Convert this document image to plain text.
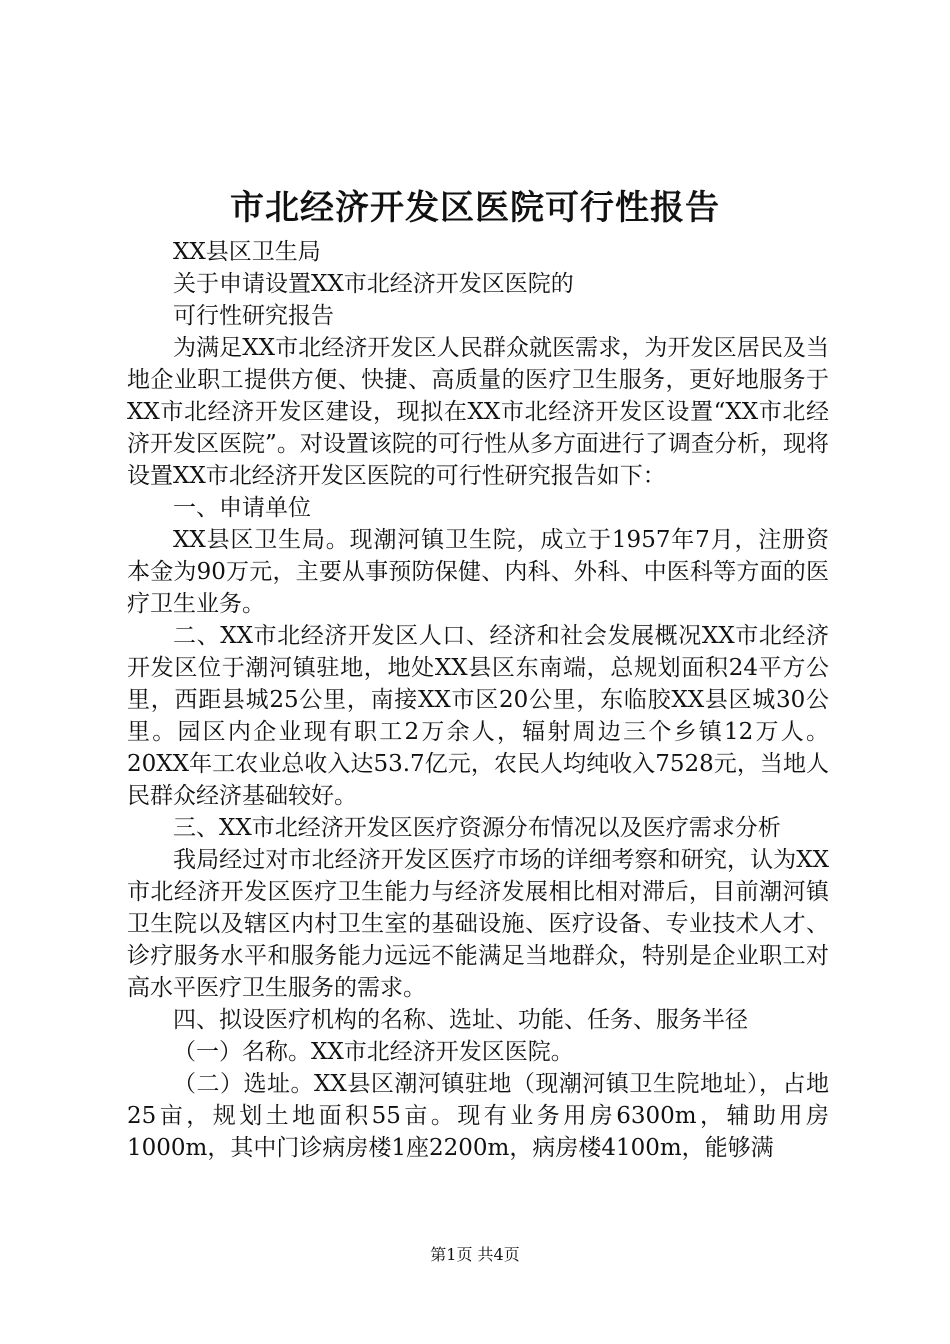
市北经济开发区医院可行性报告

XX县区卫生局

关于申请设置XX市北经济开发区医院的

可行性研究报告

为满足XX市北经济开发区人民群众就医需求，为开发区居民及当地企业职工提供方便、快捷、高质量的医疗卫生服务，更好地服务于XX市北经济开发区建设，现拟在XX市北经济开发区设置“XX市北经济开发区医院”。对设置该院的可行性从多方面进行了调查分析，现将设置XX市北经济开发区医院的可行性研究报告如下：

一、申请单位

XX县区卫生局。现潮河镇卫生院，成立于1957年7月，注册资本金为90万元，主要从事预防保健、内科、外科、中医科等方面的医疗卫生业务。

二、XX市北经济开发区人口、经济和社会发展概况XX市北经济开发区位于潮河镇驻地，地处XX县区东南端，总规划面积24平方公里，西距县城25公里，南接XX市区20公里，东临胶XX县区城30公里。园区内企业现有职工2万余人，辐射周边三个乡镇12万人。20XX年工农业总收入达53.7亿元，农民人均纯收入7528元，当地人民群众经济基础较好。

三、XX市北经济开发区医疗资源分布情况以及医疗需求分析

我局经过对市北经济开发区医疗市场的详细考察和研究，认为XX市北经济开发区医疗卫生能力与经济发展相比相对滞后，目前潮河镇卫生院以及辖区内村卫生室的基础设施、医疗设备、专业技术人才、诊疗服务水平和服务能力远远不能满足当地群众，特别是企业职工对高水平医疗卫生服务的需求。

四、拟设医疗机构的名称、选址、功能、任务、服务半径

（一）名称。XX市北经济开发区医院。

（二）选址。XX县区潮河镇驻地（现潮河镇卫生院地址），占地25亩，规划土地面积55亩。现有业务用房6300m，辅助用房1000m，其中门诊病房楼1座2200m，病房楼4100m，能够满

第1页 共4页
